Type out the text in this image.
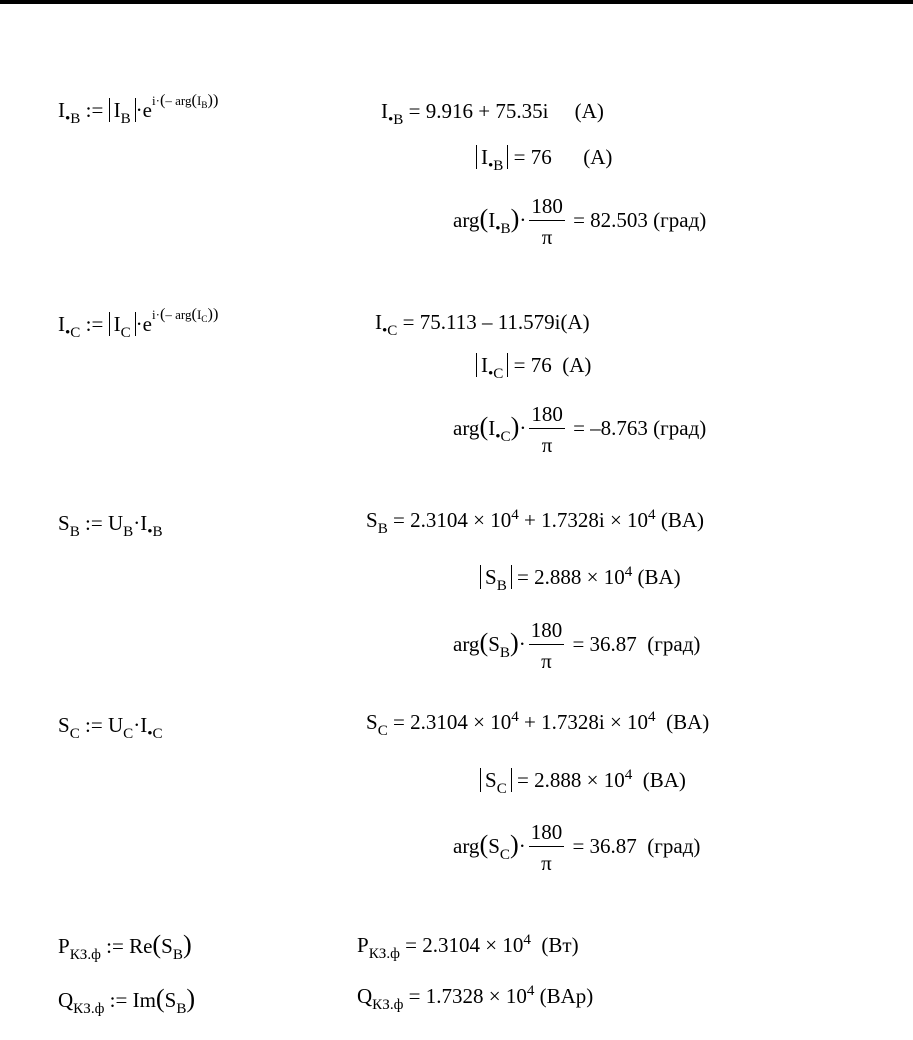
$I_{•B}$ := $I_B \cdot e^{i\cdot(- arg(I_B))}$	$I_{•B} = 9.916 + 75.35i$ (A)
$I_{•B} = 76$ (A)
$arg(I_{•B})\cdot \frac{180}{\pi} = 82.503$ (град)
$I_{•C}$ := $I_C \cdot e^{i\cdot(- arg(I_C))}$	$I_{•C} = 75.113 - 11.579i(A)$
$I_{•C} = 76$ (A)
$arg(I_{•C})\cdot \frac{180}{\pi} = -8.763$ (град)
$S_B$ := $U_B\cdot I_{•B}$	$S_B = 2.3104 \times 10^4 + 1.7328i \times 10^4$ (BA)
$S_B = 2.888 \times 10^4$ (BA)
$arg(S_B)\cdot \frac{180}{\pi} = 36.87$ (град)
$S_C$ := $U_C\cdot I_{•C}$	$S_C = 2.3104 \times 10^4 + 1.7328i \times 10^4$ (BA)
$S_C = 2.888 \times 10^4$ (BA)
$arg(S_C)\cdot \frac{180}{\pi} = 36.87$ (град)
$P_{КЗ.ф}$ := $Re(S_B)$	$P_{КЗ.ф} = 2.3104 \times 10^4$ (Вт)
$Q_{КЗ.ф}$ := $Im(S_B)$	$Q_{КЗ.ф} = 1.7328 \times 10^4$ (BAр)
